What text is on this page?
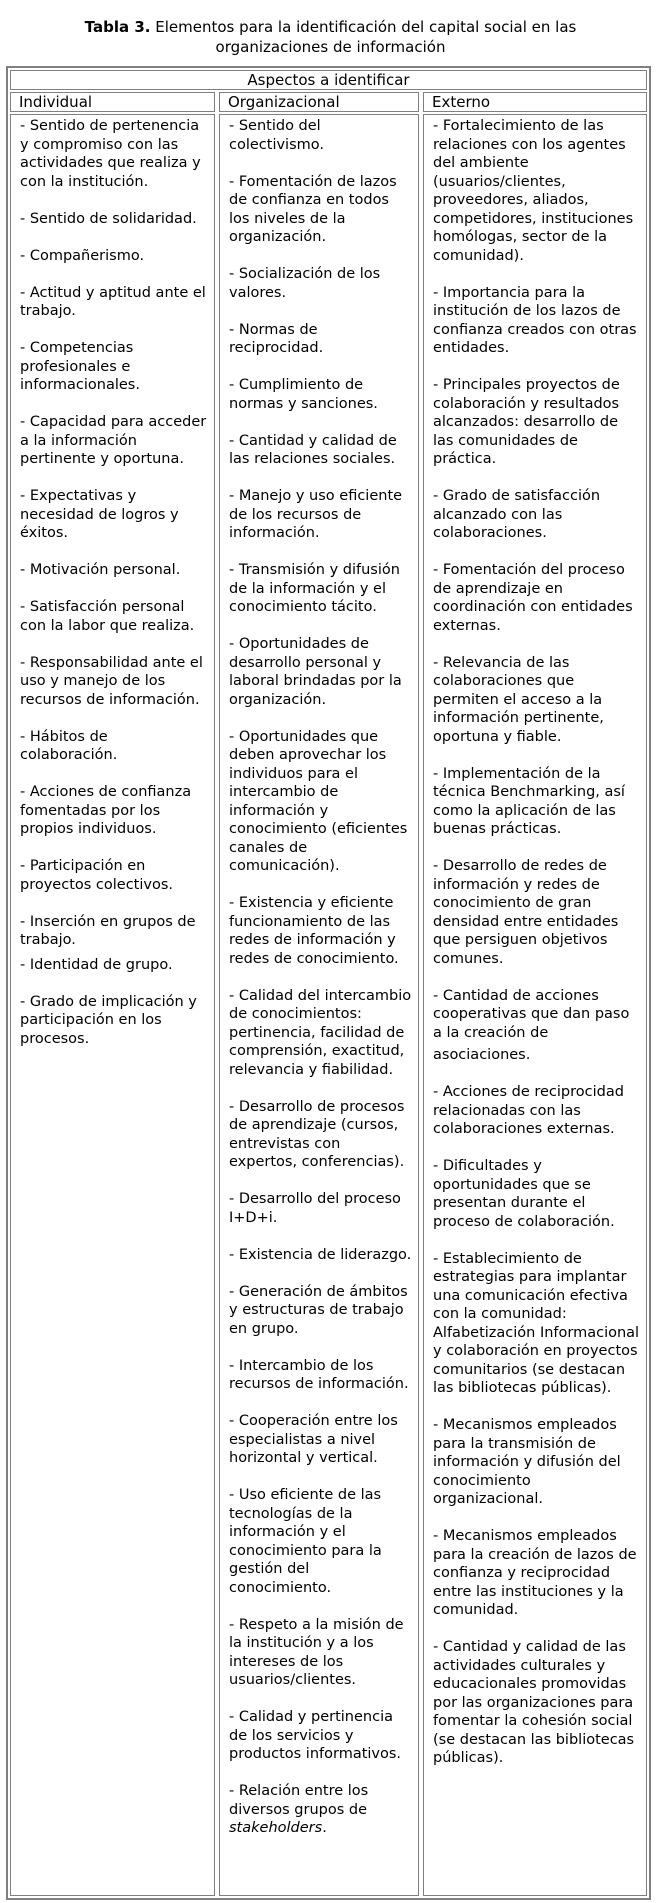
Tabla 3. Elementos para la identificación del capital social en las
organizaciones de información
Aspectos a identificar
Individual	Organizacional	Externo
- Sentido de pertenencia y compromiso con las actividades que realiza y con la institución.
- Sentido de solidaridad.
- Compañerismo.
- Actitud y aptitud ante el trabajo.
- Competencias profesionales e informacionales.
- Capacidad para acceder a la información pertinente y oportuna.
- Expectativas y necesidad de logros y éxitos.
- Motivación personal.
- Satisfacción personal con la labor que realiza.
- Responsabilidad ante el uso y manejo de los recursos de información.
- Hábitos de colaboración.
- Acciones de confianza fomentadas por los propios individuos.
- Participación en proyectos colectivos.
- Inserción en grupos de trabajo.
- Identidad de grupo.
- Grado de implicación y participación en los procesos.
- Sentido del colectivismo.
- Fomentación de lazos de confianza en todos los niveles de la organización.
- Socialización de los valores.
- Normas de reciprocidad.
- Cumplimiento de normas y sanciones.
- Cantidad y calidad de las relaciones sociales.
- Manejo y uso eficiente de los recursos de información.
- Transmisión y difusión de la información y el conocimiento tácito.
- Oportunidades de desarrollo personal y laboral brindadas por la organización.
- Oportunidades que deben aprovechar los individuos para el intercambio de información y conocimiento (eficientes canales de comunicación).
- Existencia y eficiente funcionamiento de las redes de información y redes de conocimiento.
- Calidad del intercambio de conocimientos: pertinencia, facilidad de comprensión, exactitud, relevancia y fiabilidad.
- Desarrollo de procesos de aprendizaje (cursos, entrevistas con expertos, conferencias).
- Desarrollo del proceso I+D+i.
- Existencia de liderazgo.
- Generación de ámbitos y estructuras de trabajo en grupo.
- Intercambio de los recursos de información.
- Cooperación entre los especialistas a nivel horizontal y vertical.
- Uso eficiente de las tecnologías de la información y el conocimiento para la gestión del conocimiento.
- Respeto a la misión de la institución y a los intereses de los usuarios/clientes.
- Calidad y pertinencia de los servicios y productos informativos.
- Relación entre los diversos grupos de stakeholders.
- Fortalecimiento de las relaciones con los agentes del ambiente (usuarios/clientes, proveedores, aliados, competidores, instituciones homólogas, sector de la comunidad).
- Importancia para la institución de los lazos de confianza creados con otras entidades.
- Principales proyectos de colaboración y resultados alcanzados: desarrollo de las comunidades de práctica.
- Grado de satisfacción alcanzado con las colaboraciones.
- Fomentación del proceso de aprendizaje en coordinación con entidades externas.
- Relevancia de las colaboraciones que permiten el acceso a la información pertinente, oportuna y fiable.
- Implementación de la técnica Benchmarking, así como la aplicación de las buenas prácticas.
- Desarrollo de redes de información y redes de conocimiento de gran densidad entre entidades que persiguen objetivos comunes.
- Cantidad de acciones cooperativas que dan paso a la creación de
asociaciones.
- Acciones de reciprocidad relacionadas con las colaboraciones externas.
- Dificultades y oportunidades que se presentan durante el proceso de colaboración.
- Establecimiento de estrategias para implantar una comunicación efectiva con la comunidad: Alfabetización Informacional y colaboración en proyectos comunitarios (se destacan las bibliotecas públicas).
- Mecanismos empleados para la transmisión de información y difusión del conocimiento organizacional.
- Mecanismos empleados para la creación de lazos de confianza y reciprocidad entre las instituciones y la comunidad.
- Cantidad y calidad de las actividades culturales y educacionales promovidas por las organizaciones para fomentar la cohesión social (se destacan las bibliotecas públicas).
